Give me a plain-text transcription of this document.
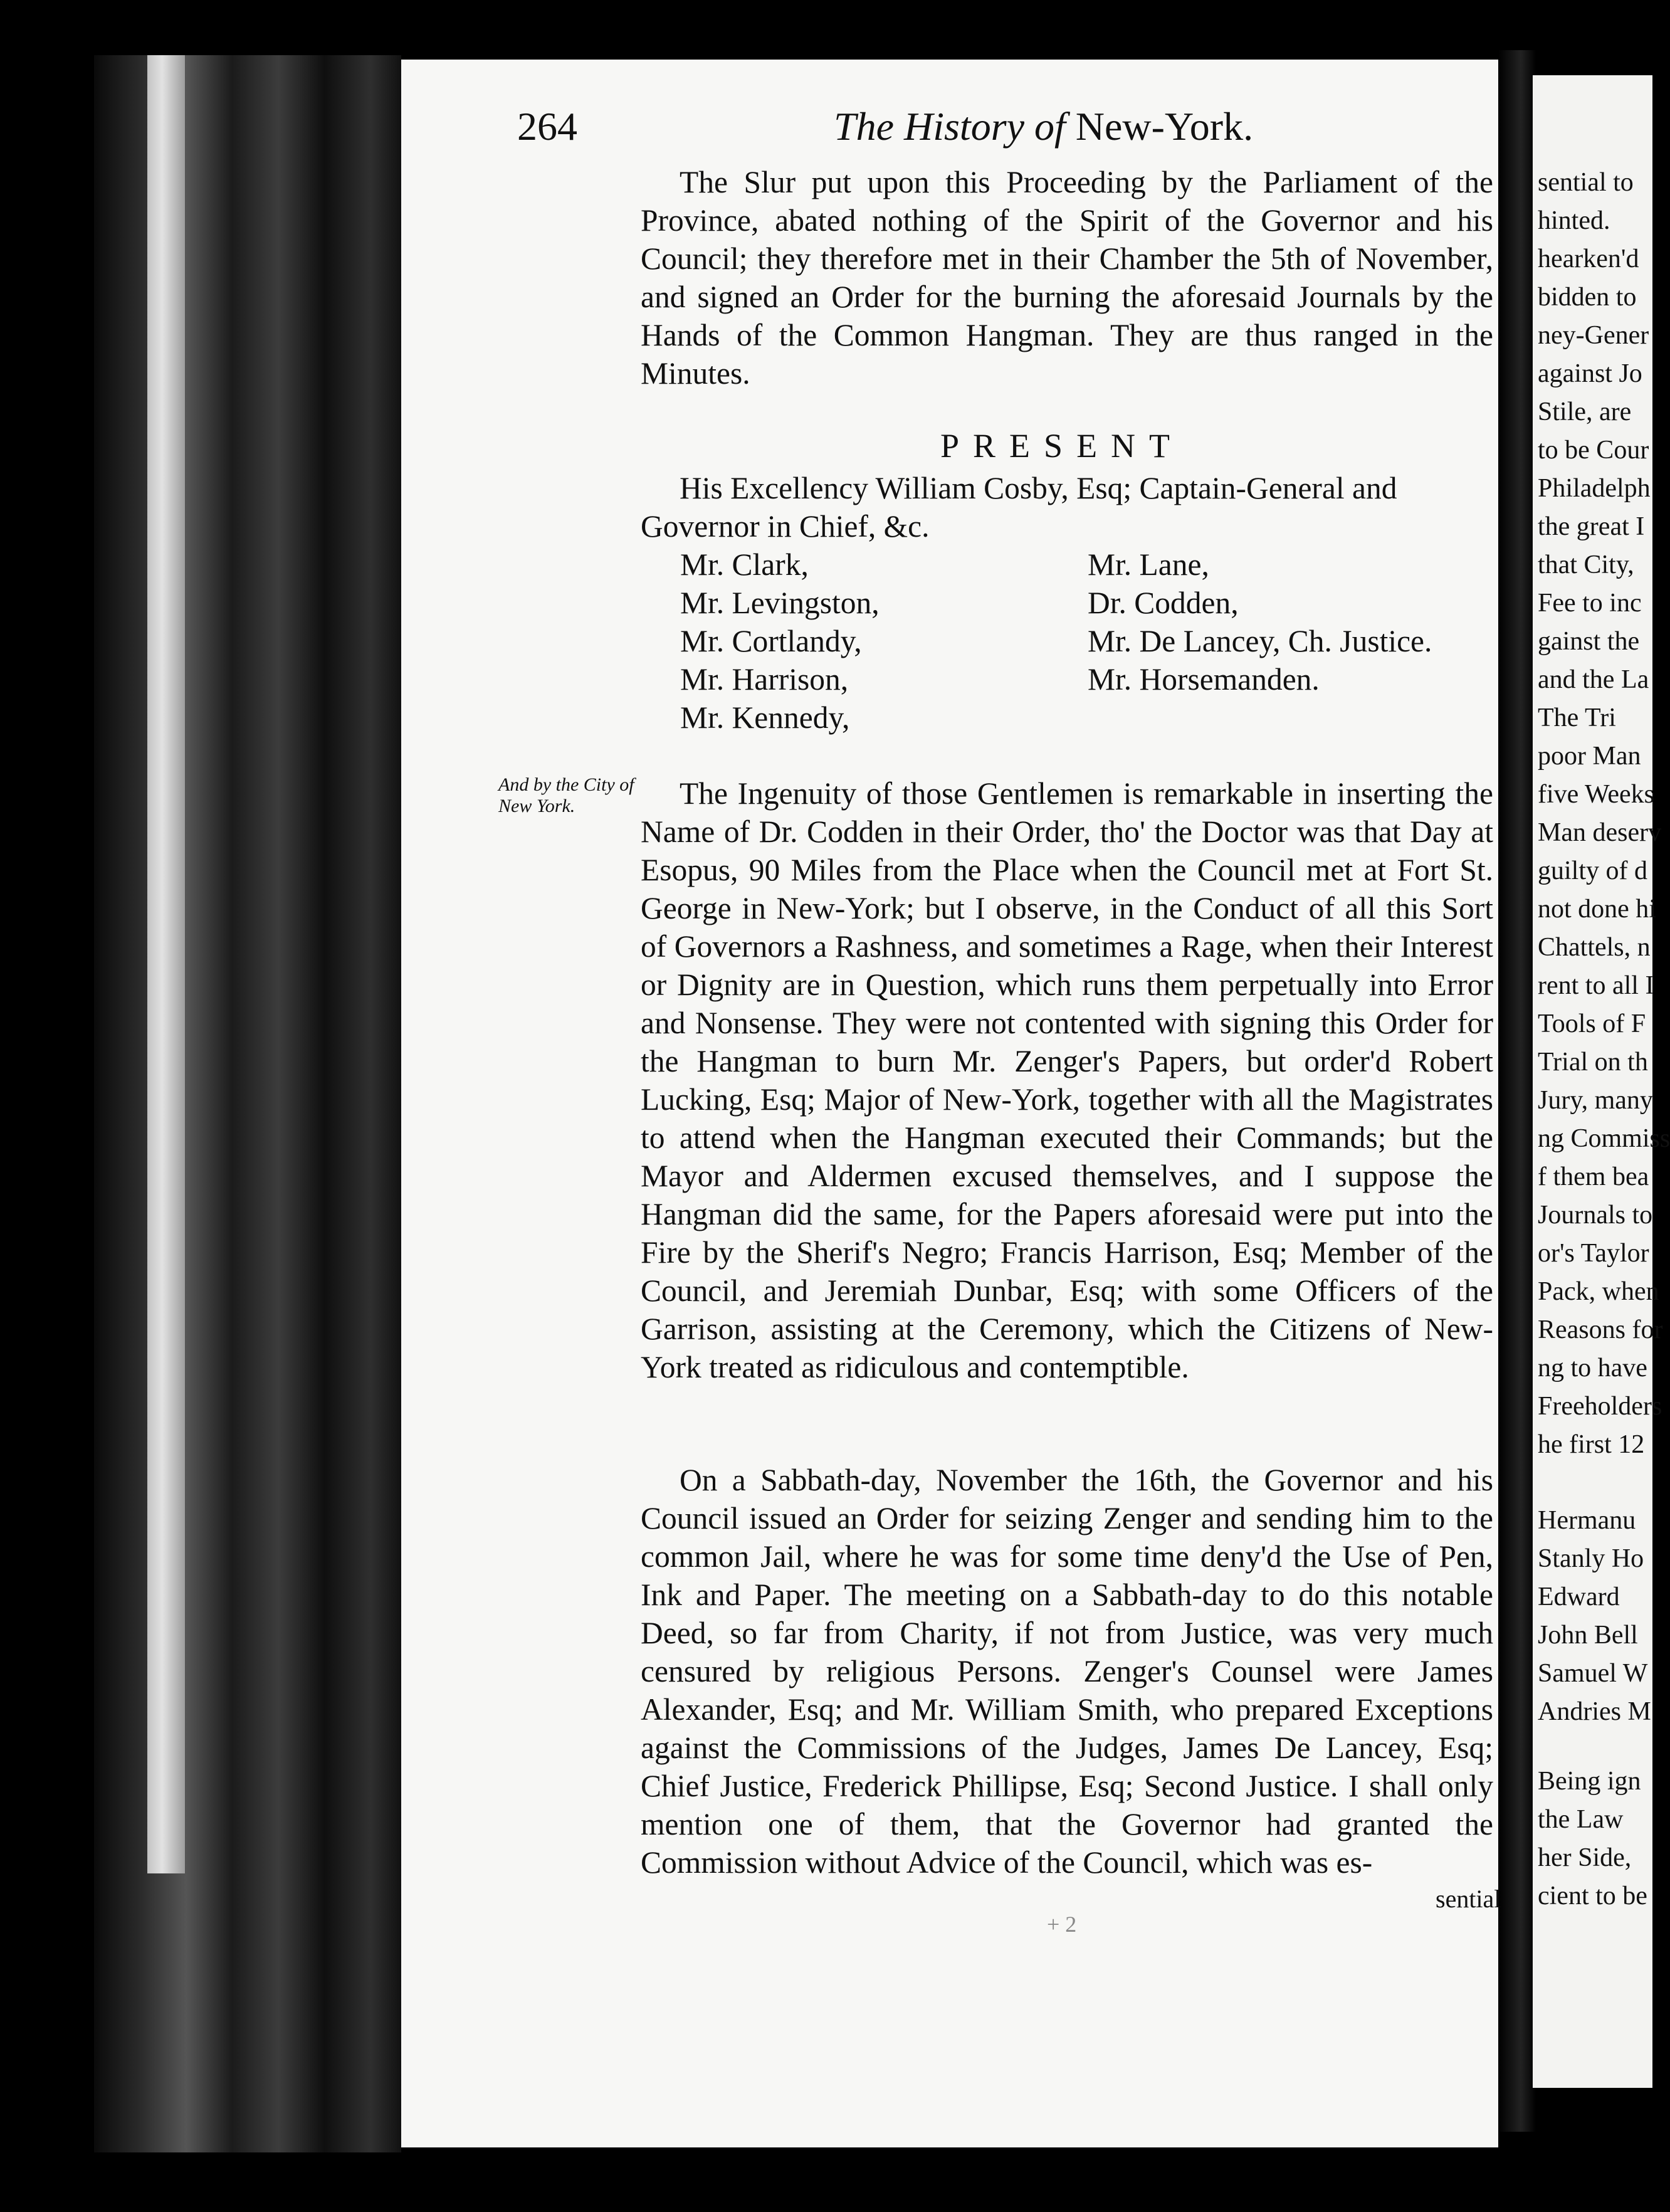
sential to
hinted.
hearken'd
bidden to
ney-Gener
against Jo
Stile, are
to be Cour
Philadelph
the great I
that City,
Fee to inc
gainst the
and the La
The Tri
poor Man
five Weeks
Man deserv
guilty of d
not done hi
Chattels, n
rent to all I
Tools of F
Trial on th
Jury, many
ng Commiss
f them bea
Journals to
or's Taylor
Pack, when
Reasons for
ng to have
Freeholders
he first 12
Hermanu
Stanly Ho
Edward
John Bell
Samuel W
Andries M
Being ign
the Law
her Side,
cient to be
264	The History of New-York.

The Slur put upon this Proceeding by the Parliament of the Province, abated nothing of the Spirit of the Governor and his Council; they therefore met in their Chamber the 5th of November, and signed an Order for the burning the aforesaid Journals by the Hands of the Common Hangman. They are thus ranged in the Minutes.

PRESENT
His Excellency William Cosby, Esq; Captain-General and
Governor in Chief, &c.
Mr. Clark,
Mr. Levingston,
Mr. Cortlandy,
Mr. Harrison,
Mr. Kennedy,
Mr. Lane,
Dr. Codden,
Mr. De Lancey, Ch. Justice.
Mr. Horsemanden.
And by the City of New York.	The Ingenuity of those Gentlemen is remarkable in inserting the Name of Dr. Codden in their Order, tho' the Doctor was that Day at Esopus, 90 Miles from the Place when the Council met at Fort St. George in New-York; but I observe, in the Conduct of all this Sort of Governors a Rashness, and sometimes a Rage, when their Interest or Dignity are in Question, which runs them perpetually into Error and Nonsense. They were not contented with signing this Order for the Hangman to burn Mr. Zenger's Papers, but order'd Robert Lucking, Esq; Major of New-York, together with all the Magistrates to attend when the Hangman executed their Commands; but the Mayor and Aldermen excused themselves, and I suppose the Hangman did the same, for the Papers aforesaid were put into the Fire by the Sherif's Negro; Francis Harrison, Esq; Member of the Council, and Jeremiah Dunbar, Esq; with some Officers of the Garrison, assisting at the Ceremony, which the Citizens of New-York treated as ridiculous and contemptible.

On a Sabbath-day, November the 16th, the Governor and his Council issued an Order for seizing Zenger and sending him to the common Jail, where he was for some time deny'd the Use of Pen, Ink and Paper. The meeting on a Sabbath-day to do this notable Deed, so far from Charity, if not from Justice, was very much censured by religious Persons. Zenger's Counsel were James Alexander, Esq; and Mr. William Smith, who prepared Exceptions against the Commissions of the Judges, James De Lancey, Esq; Chief Justice, Frederick Phillipse, Esq; Second Justice. I shall only mention one of them, that the Governor had granted the Commission without Advice of the Council, which was es-

sential
+ 2
